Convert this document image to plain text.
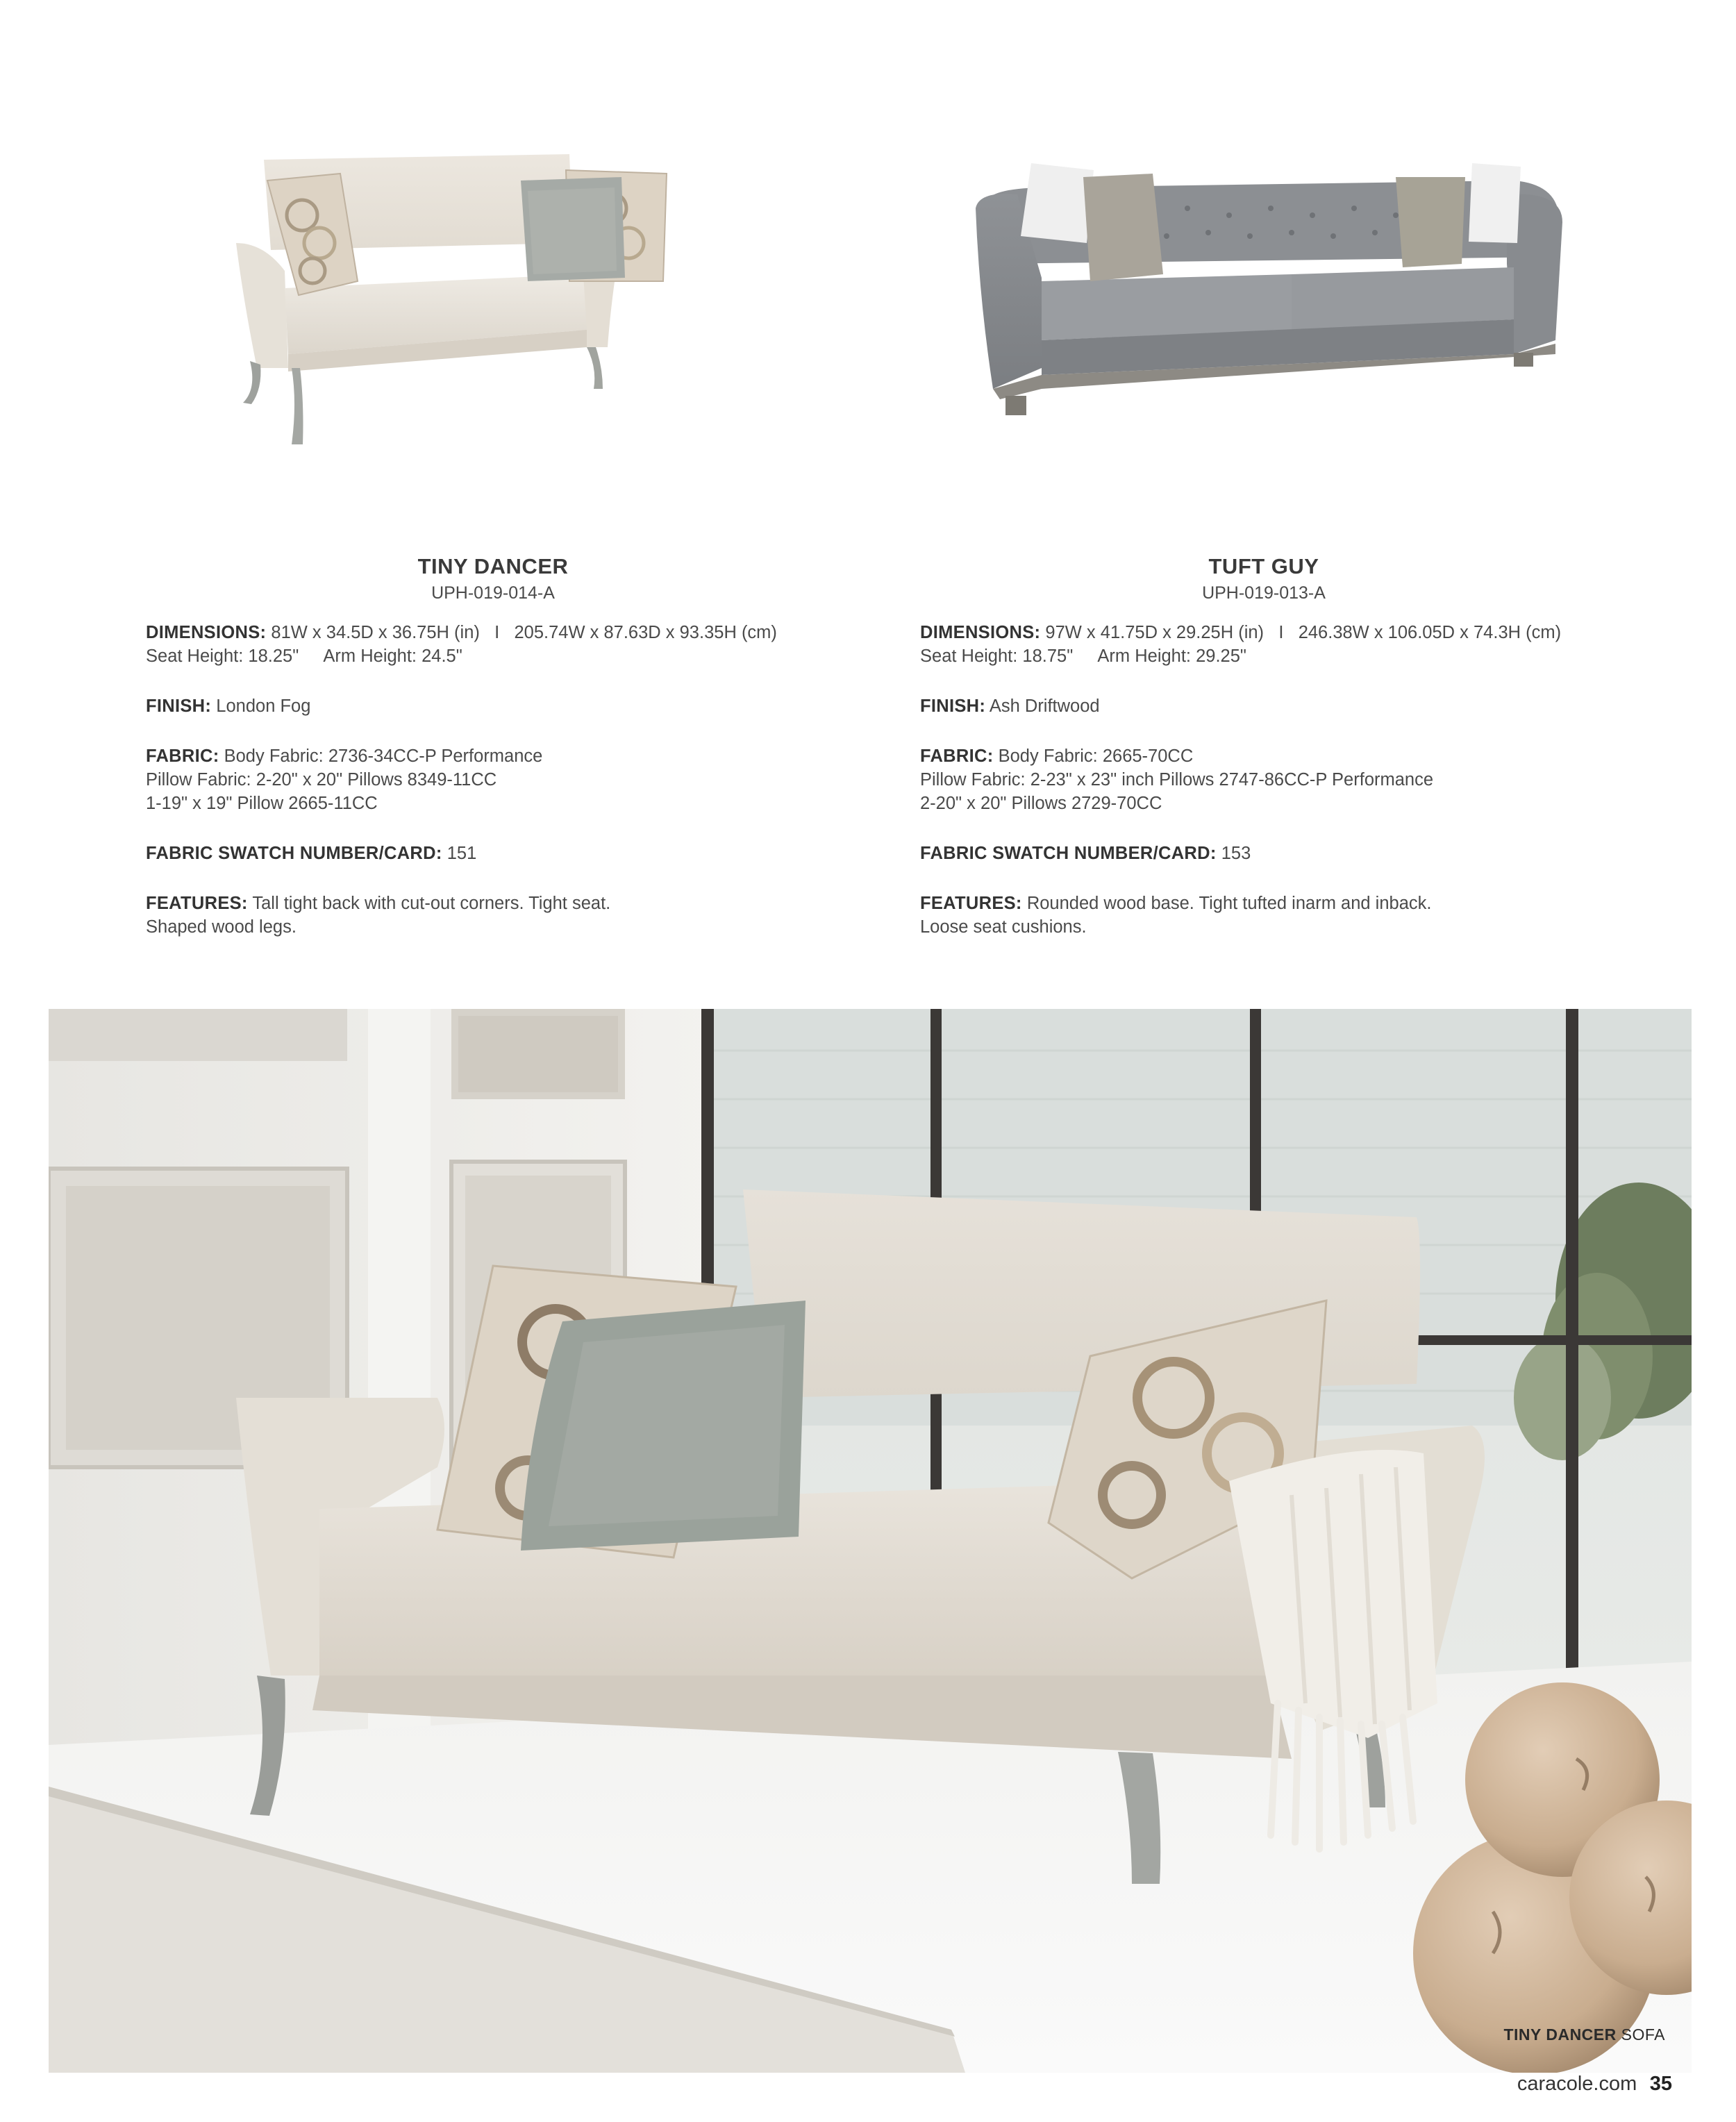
TINY DANCER
UPH-019-014-A

DIMENSIONS: 81W x 34.5D x 36.75H (in) I 205.74W x 87.63D x 93.35H (cm)
Seat Height: 18.25" Arm Height: 24.5"

FINISH: London Fog

FABRIC: Body Fabric: 2736-34CC-P Performance
Pillow Fabric: 2-20" x 20" Pillows 8349-11CC
1-19" x 19" Pillow 2665-11CC

FABRIC SWATCH NUMBER/CARD: 151

FEATURES: Tall tight back with cut-out corners. Tight seat.
Shaped wood legs.

TUFT GUY
UPH-019-013-A

DIMENSIONS: 97W x 41.75D x 29.25H (in) I 246.38W x 106.05D x 74.3H (cm)
Seat Height: 18.75" Arm Height: 29.25"

FINISH: Ash Driftwood

FABRIC: Body Fabric: 2665-70CC
Pillow Fabric: 2-23" x 23" inch Pillows 2747-86CC-P Performance
2-20" x 20" Pillows 2729-70CC

FABRIC SWATCH NUMBER/CARD: 153

FEATURES: Rounded wood base. Tight tufted inarm and inback.
Loose seat cushions.

TINY DANCER SOFA
caracole.com 35
